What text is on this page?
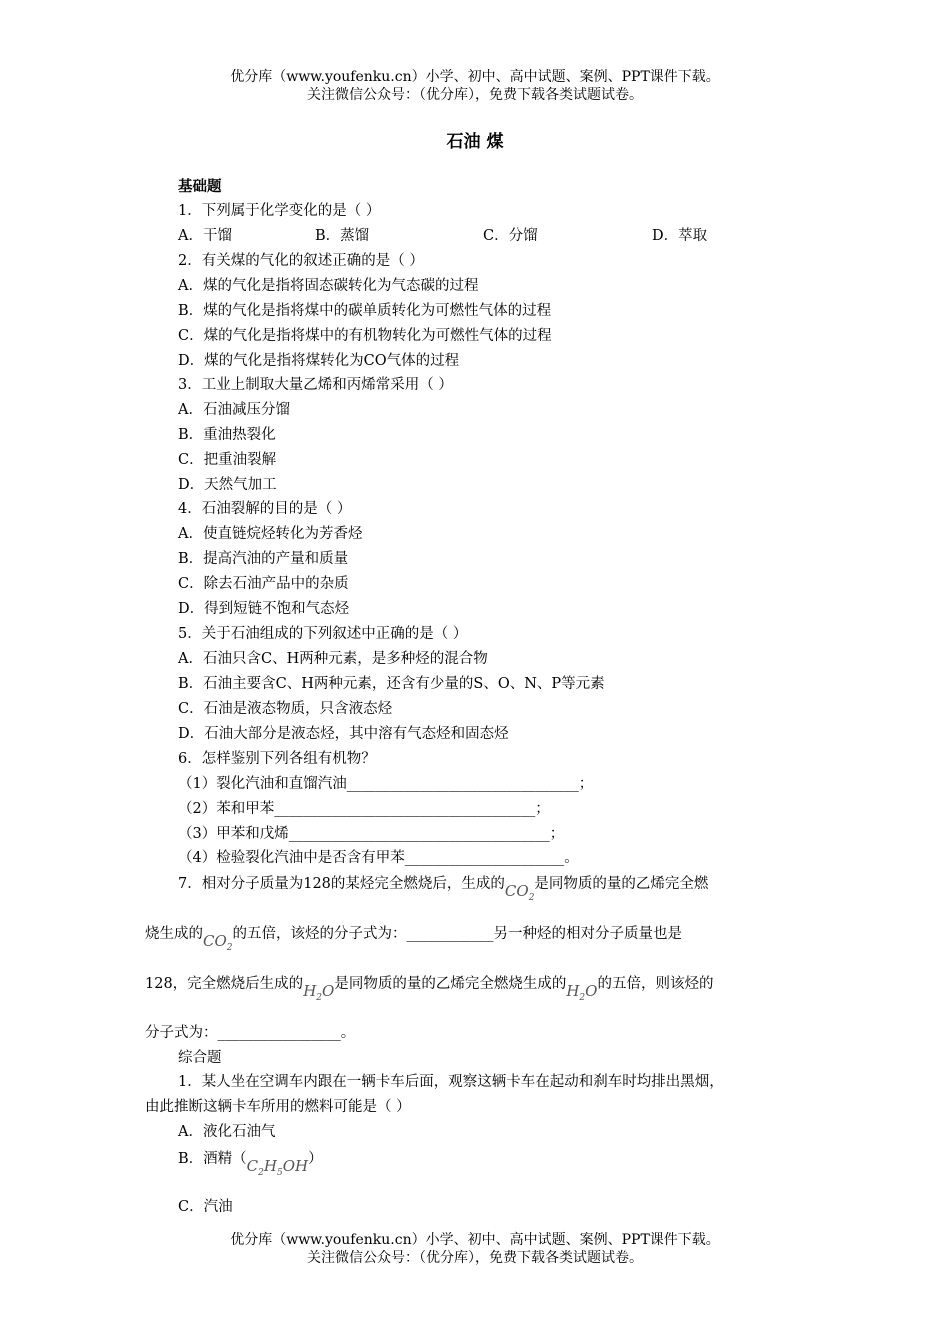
优分库（www.youfenku.cn）小学、初中、高中试题、案例、PPT课件下载。
关注微信公众号：（优分库），免费下载各类试题试卷。
石油 煤
基础题
1．下列属于化学变化的是（ ）
A．干馏	B．蒸馏	C．分馏	D．萃取
2．有关煤的气化的叙述正确的是（ ）
A．煤的气化是指将固态碳转化为气态碳的过程
B．煤的气化是指将煤中的碳单质转化为可燃性气体的过程
C．煤的气化是指将煤中的有机物转化为可燃性气体的过程
D．煤的气化是指将煤转化为CO气体的过程
3．工业上制取大量乙烯和丙烯常采用（ ）
A．石油减压分馏
B．重油热裂化
C．把重油裂解
D．天然气加工
4．石油裂解的目的是（ ）
A．使直链烷烃转化为芳香烃
B．提高汽油的产量和质量
C．除去石油产品中的杂质
D．得到短链不饱和气态烃
5．关于石油组成的下列叙述中正确的是（ ）
A．石油只含C、H两种元素，是多种烃的混合物
B．石油主要含C、H两种元素，还含有少量的S、O、N、P等元素
C．石油是液态物质，只含液态烃
D．石油大部分是液态烃，其中溶有气态烃和固态烃
6．怎样鉴别下列各组有机物？
（1）裂化汽油和直馏汽油________________________________；
（2）苯和甲苯____________________________________；
（3）甲苯和戊烯____________________________________；
（4）检验裂化汽油中是否含有甲苯______________________。
7．相对分子质量为128的某烃完全燃烧后，生成的$CO_2$是同物质的量的乙烯完全燃
烧生成的$CO_2$的五倍，该烃的分子式为：____________另一种烃的相对分子质量也是
128，完全燃烧后生成的$H_2O$是同物质的量的乙烯完全燃烧生成的$H_2O$的五倍，则该烃的
分子式为：_________________。
综合题
1．某人坐在空调车内跟在一辆卡车后面，观察这辆卡车在起动和刹车时均排出黑烟，
由此推断这辆卡车所用的燃料可能是（ ）
A．液化石油气
B．酒精$(C_2H_5OH)$
C．汽油
优分库（www.youfenku.cn）小学、初中、高中试题、案例、PPT课件下载。
关注微信公众号：（优分库），免费下载各类试题试卷。
